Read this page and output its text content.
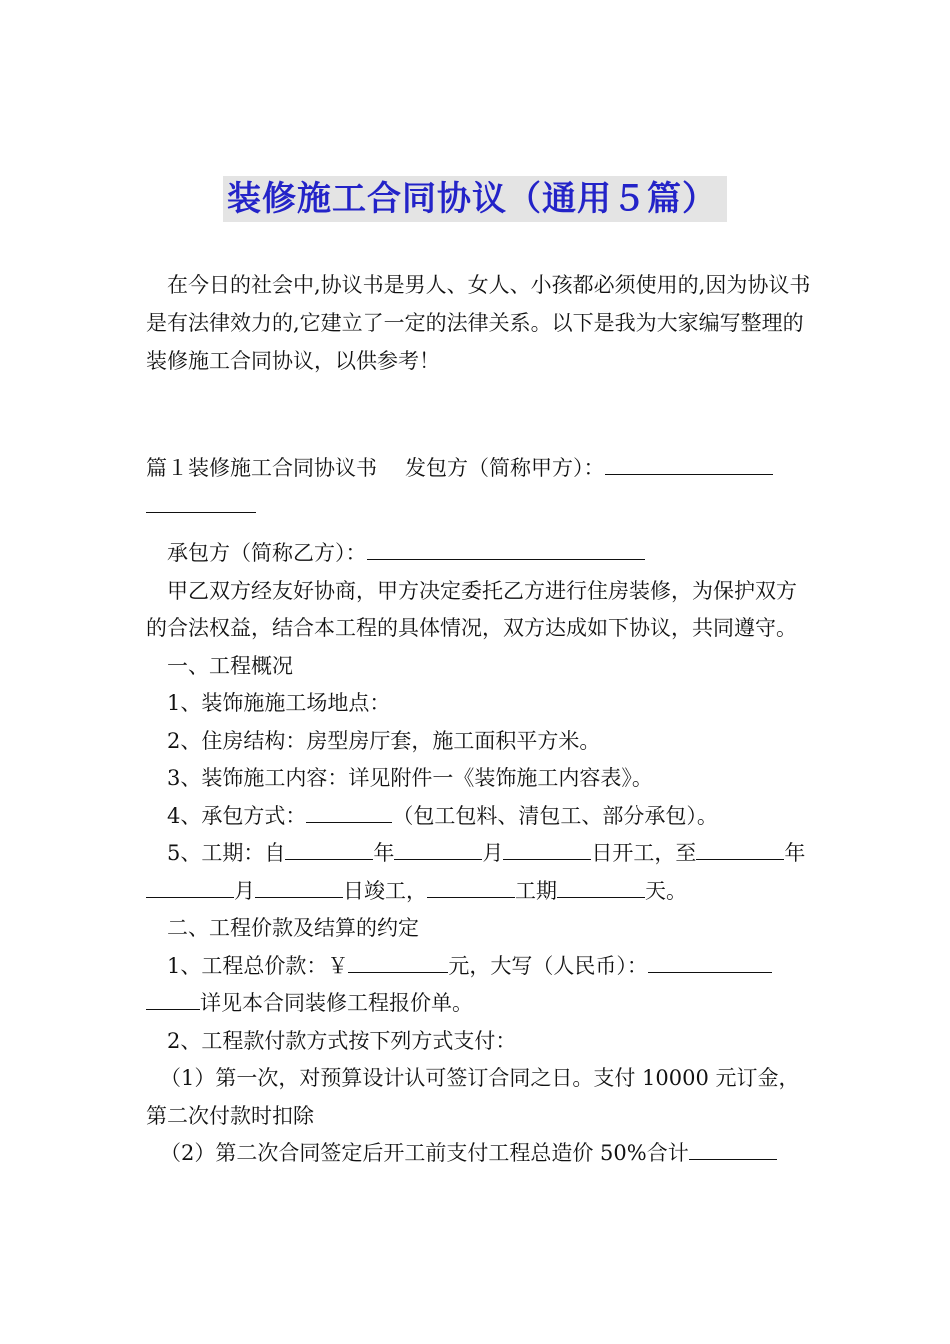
装修施工合同协议（通用５篇）

在今日的社会中,协议书是男人、女人、小孩都必须使用的,因为协议书是有法律效力的,它建立了一定的法律关系。以下是我为大家编写整理的装修施工合同协议，以供参考！

篇１装修施工合同协议书 发包方（简称甲方）：

承包方（简称乙方）：

甲乙双方经友好协商，甲方决定委托乙方进行住房装修，为保护双方的合法权益，结合本工程的具体情况，双方达成如下协议，共同遵守。

一、工程概况

1、装饰施施工场地点：

2、住房结构：房型房厅套，施工面积平方米。

3、装饰施工内容：详见附件一《装饰施工内容表》。

4、承包方式：	（包工包料、清包工、部分承包）。

5、工期：自	年	月	日开工，至	年月	日竣工，	工期	天。

二、工程价款及结算的约定

1、工程总价款：￥	元，大写（人民币）：详见本合同装修工程报价单。

2、工程款付款方式按下列方式支付：

（1）第一次，对预算设计认可签订合同之日。支付 10000 元订金，第二次付款时扣除

（2）第二次合同签定后开工前支付工程总造价 50%合计
